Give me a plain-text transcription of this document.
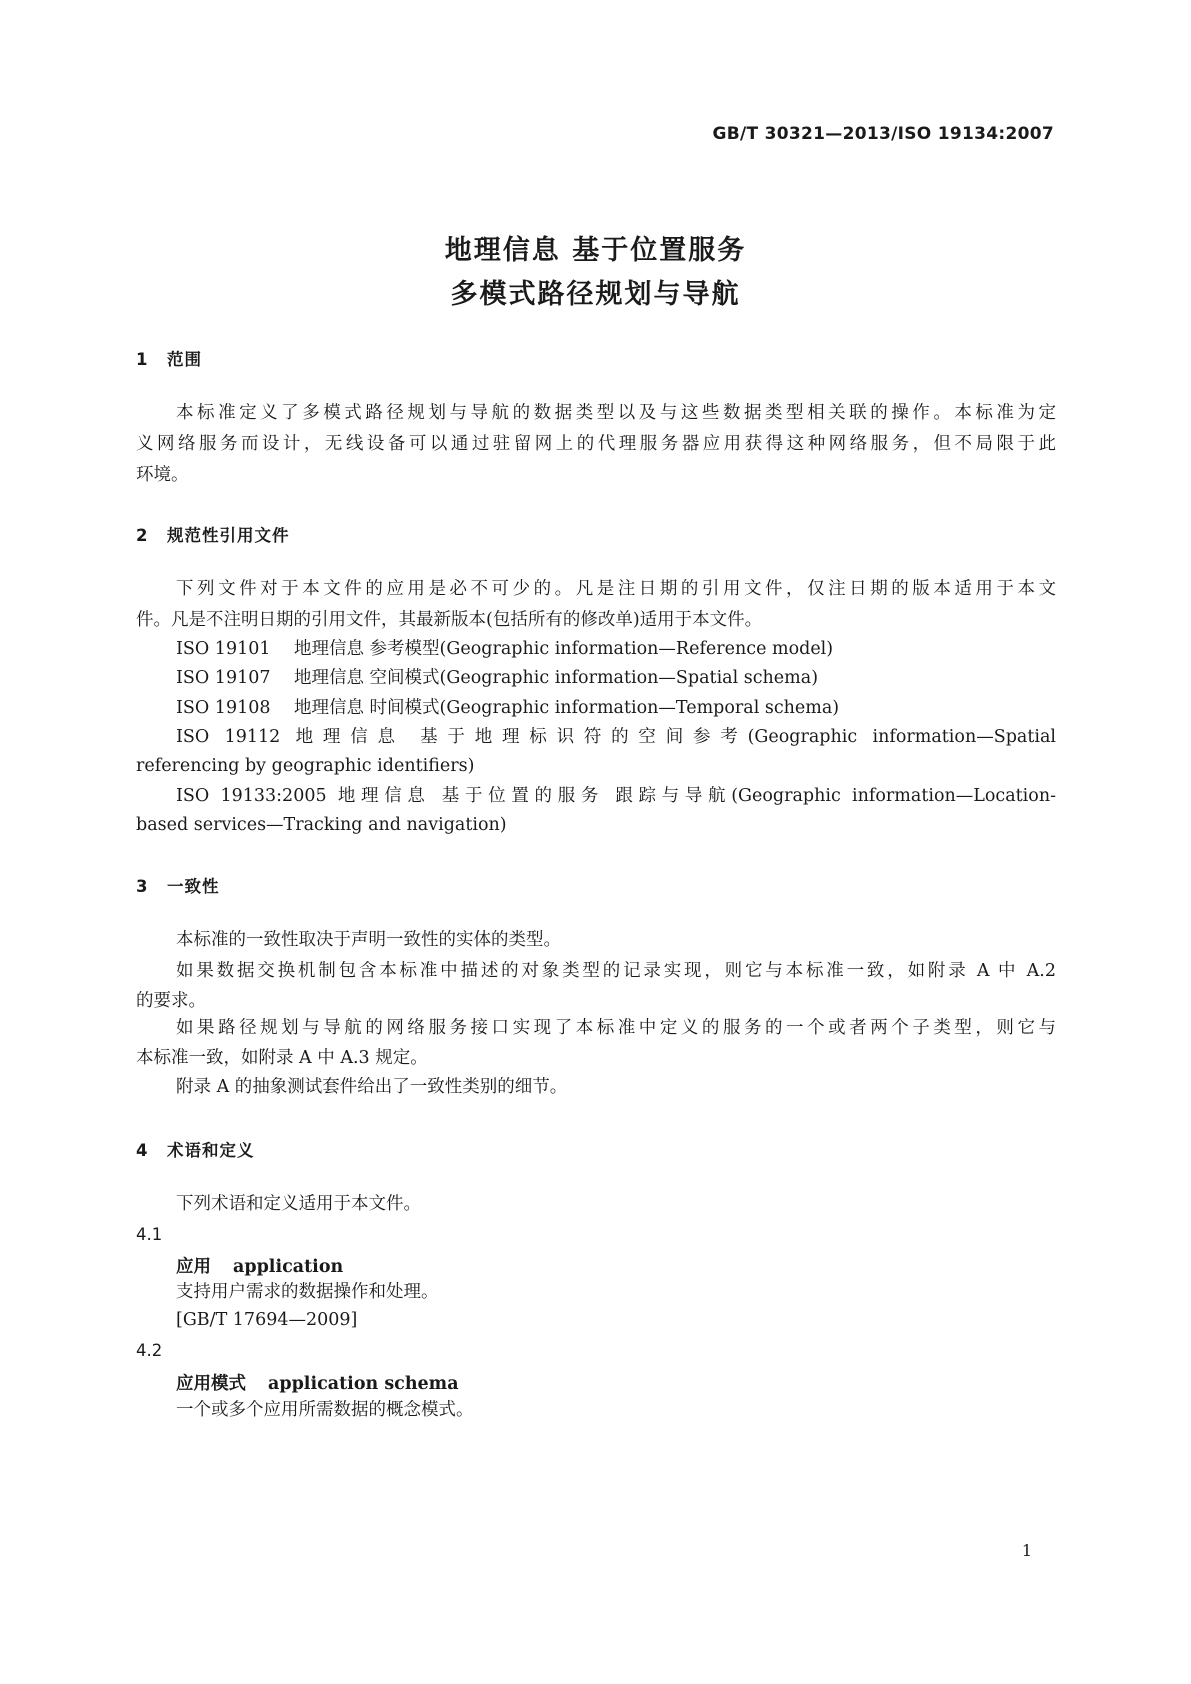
GB/T 30321—2013/ISO 19134:2007
地理信息 基于位置服务
多模式路径规划与导航
1 范围
本标准定义了多模式路径规划与导航的数据类型以及与这些数据类型相关联的操作。本标准为定
义网络服务而设计，无线设备可以通过驻留网上的代理服务器应用获得这种网络服务，但不局限于此
环境。
2 规范性引用文件
下列文件对于本文件的应用是必不可少的。凡是注日期的引用文件，仅注日期的版本适用于本文
件。凡是不注明日期的引用文件，其最新版本(包括所有的修改单)适用于本文件。
ISO 19101 地理信息 参考模型(Geographic information—Reference model)
ISO 19107 地理信息 空间模式(Geographic information—Spatial schema)
ISO 19108 地理信息 时间模式(Geographic information—Temporal schema)
ISO 19112 地理信息 基于地理标识符的空间参考(Geographic information—Spatial
referencing by geographic identifiers)
ISO 19133:2005 地理信息 基于位置的服务 跟踪与导航(Geographic information—Location-
based services—Tracking and navigation)
3 一致性
本标准的一致性取决于声明一致性的实体的类型。
如果数据交换机制包含本标准中描述的对象类型的记录实现，则它与本标准一致，如附录 A 中 A.2
的要求。
如果路径规划与导航的网络服务接口实现了本标准中定义的服务的一个或者两个子类型，则它与
本标准一致，如附录 A 中 A.3 规定。
附录 A 的抽象测试套件给出了一致性类别的细节。
4 术语和定义
下列术语和定义适用于本文件。
4.1
应用 application
支持用户需求的数据操作和处理。
[GB/T 17694—2009]
4.2
应用模式 application schema
一个或多个应用所需数据的概念模式。
1
